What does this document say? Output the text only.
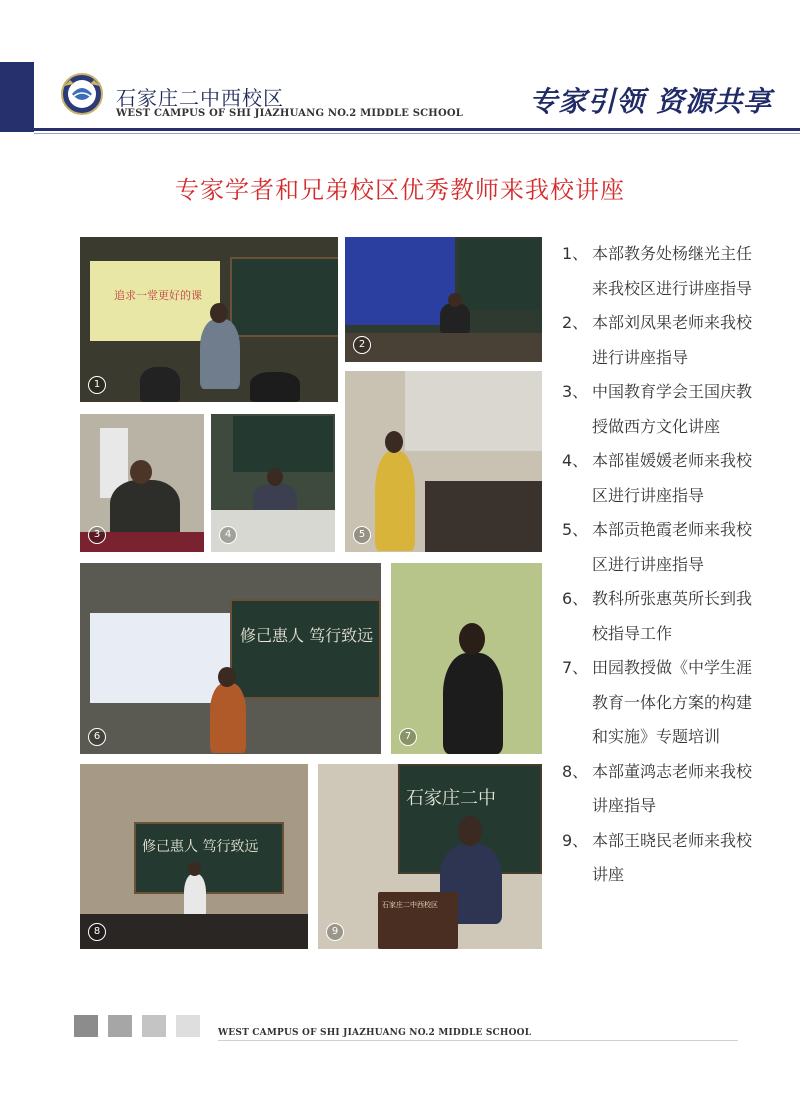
石家庄二中西校区
WEST CAMPUS OF SHI JIAZHUANG NO.2 MIDDLE SCHOOL 专家引领 资源共享
专家学者和兄弟校区优秀教师来我校讲座
追求一堂更好的课
1
2
3	4	5
修己惠人 笃行致远
6	7
修己惠人 笃行致远
8
石家庄二中
石家庄二中西校区
9
1、 本部教务处杨继光主任来我校区进行讲座指导
2、 本部刘凤果老师来我校进行讲座指导
3、 中国教育学会王国庆教授做西方文化讲座
4、 本部崔媛媛老师来我校区进行讲座指导
5、 本部贡艳霞老师来我校区进行讲座指导
6、 教科所张惠英所长到我校指导工作
7、 田园教授做《中学生涯教育一体化方案的构建和实施》专题培训
8、 本部董鸿志老师来我校讲座指导
9、 本部王晓民老师来我校讲座
WEST CAMPUS OF SHI JIAZHUANG NO.2 MIDDLE SCHOOL
